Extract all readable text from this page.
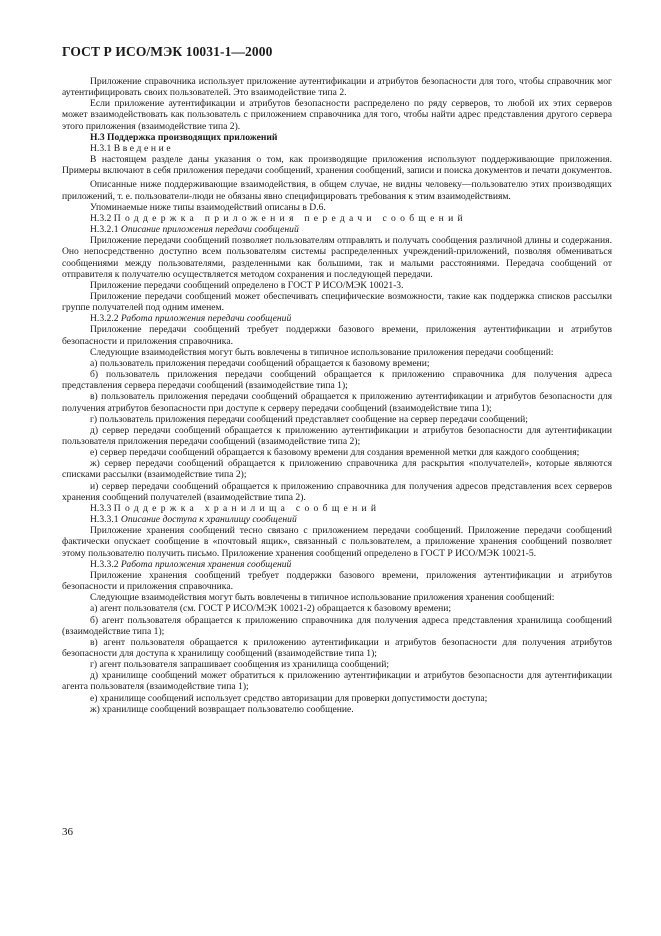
ГОСТ Р ИСО/МЭК 10031-1—2000

Приложение справочника использует приложение аутентификации и атрибутов безопасности для того, чтобы справочник мог аутентифицировать своих пользователей. Это взаимодействие типа 2.

Если приложение аутентификации и атрибутов безопасности распределено по ряду серверов, то любой их этих серверов может взаимодействовать как пользователь с приложением справочника для того, чтобы найти адрес представления другого сервера этого приложения (взаимодействие типа 2).

Н.3 Поддержка производящих приложений
Н.3.1 Введение

В настоящем разделе даны указания о том, как производящие приложения используют поддерживающие приложения. Примеры включают в себя приложения передачи сообщений, хранения сообщений, записи и поиска документов и печати документов.

Описанные ниже поддерживающие взаимодействия, в общем случае, не видны человеку—пользователю этих производящих приложений, т. е. пользователи-люди не обязаны явно специфицировать требования к этим взаимодействиям.

Упоминаемые ниже типы взаимодействий описаны в D.6.

Н.3.2 Поддержка приложения передачи сообщений
Н.3.2.1 Описание приложения передачи сообщений

Приложение передачи сообщений позволяет пользователям отправлять и получать сообщения различной длины и содержания. Оно непосредственно доступно всем пользователям системы распределенных учреждений-приложений, позволяя обмениваться сообщениями между пользователями, разделенными как большими, так и малыми расстояниями. Передача сообщений от отправителя к получателю осуществляется методом сохранения и последующей передачи.

Приложение передачи сообщений определено в ГОСТ Р ИСО/МЭК 10021-3.

Приложение передачи сообщений может обеспечивать специфические возможности, такие как поддержка списков рассылки группе получателей под одним именем.

Н.3.2.2 Работа приложения передачи сообщений

Приложение передачи сообщений требует поддержки базового времени, приложения аутентификации и атрибутов безопасности и приложения справочника.

Следующие взаимодействия могут быть вовлечены в типичное использование приложения передачи сообщений:

а) пользователь приложения передачи сообщений обращается к базовому времени;

б) пользователь приложения передачи сообщений обращается к приложению справочника для получения адреса представления сервера передачи сообщений (взаимодействие типа 1);

в) пользователь приложения передачи сообщений обращается к приложению аутентификации и атрибутов безопасности для получения атрибутов безопасности при доступе к серверу передачи сообщений (взаимодействие типа 1);

г) пользователь приложения передачи сообщений представляет сообщение на сервер передачи сообщений;

д) сервер передачи сообщений обращается к приложению аутентификации и атрибутов безопасности для аутентификации пользователя приложения передачи сообщений (взаимодействие типа 2);

е) сервер передачи сообщений обращается к базовому времени для создания временной метки для каждого сообщения;

ж) сервер передачи сообщений обращается к приложению справочника для раскрытия «получателей», которые являются списками рассылки (взаимодействие типа 2);

и) сервер передачи сообщений обращается к приложению справочника для получения адресов представления всех серверов хранения сообщений получателей (взаимодействие типа 2).

Н.3.3 Поддержка хранилища сообщений
Н.3.3.1 Описание доступа к хранилищу сообщений

Приложение хранения сообщений тесно связано с приложением передачи сообщений. Приложение передачи сообщений фактически опускает сообщение в «почтовый ящик», связанный с пользователем, а приложение хранения сообщений позволяет этому пользователю получить письмо. Приложение хранения сообщений определено в ГОСТ Р ИСО/МЭК 10021-5.

Н.3.3.2 Работа приложения хранения сообщений

Приложение хранения сообщений требует поддержки базового времени, приложения аутентификации и атрибутов безопасности и приложения справочника.

Следующие взаимодействия могут быть вовлечены в типичное использование приложения хранения сообщений:

а) агент пользователя (см. ГОСТ Р ИСО/МЭК 10021-2) обращается к базовому времени;

б) агент пользователя обращается к приложению справочника для получения адреса представления хранилища сообщений (взаимодействие типа 1);

в) агент пользователя обращается к приложению аутентификации и атрибутов безопасности для получения атрибутов безопасности для доступа к хранилищу сообщений (взаимодействие типа 1);

г) агент пользователя запрашивает сообщения из хранилища сообщений;

д) хранилище сообщений может обратиться к приложению аутентификации и атрибутов безопасности для аутентификации агента пользователя (взаимодействие типа 1);

е) хранилище сообщений использует средство авторизации для проверки допустимости доступа;

ж) хранилище сообщений возвращает пользователю сообщение.

36
